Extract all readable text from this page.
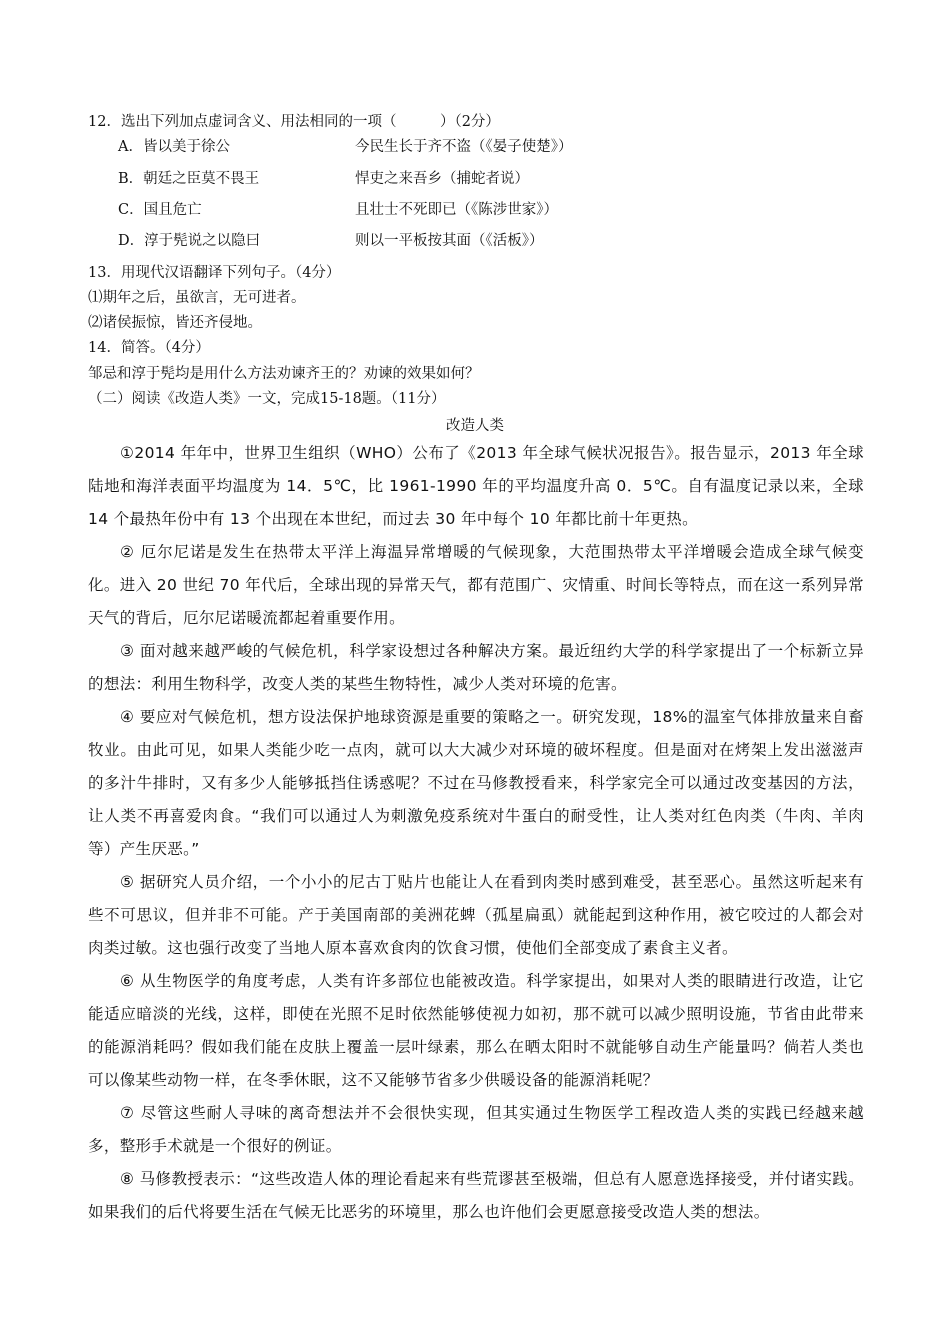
12．选出下列加点虚词含义、用法相同的一项（　　　）（2分）
A．皆以美于徐公	今民生长于齐不盗（《晏子使楚》）
B．朝廷之臣莫不畏王	悍吏之来吾乡（捕蛇者说）
C．国且危亡	且壮士不死即已（《陈涉世家》）
D．淳于髡说之以隐曰	则以一平板按其面（《活板》）
13．用现代汉语翻译下列句子。（4分）
⑴期年之后，虽欲言，无可进者。
⑵诸侯振惊，皆还齐侵地。
14．简答。（4分）
邹忌和淳于髡均是用什么方法劝谏齐王的？劝谏的效果如何？
（二）阅读《改造人类》一文，完成15-18题。（11分）
改造人类
①2014 年年中，世界卫生组织（WHO）公布了《2013 年全球气候状况报告》。报告显示，2013 年全球陆地和海洋表面平均温度为 14．5℃，比 1961-1990 年的平均温度升高 0．5℃。自有温度记录以来，全球 14 个最热年份中有 13 个出现在本世纪，而过去 30 年中每个 10 年都比前十年更热。
② 厄尔尼诺是发生在热带太平洋上海温异常增暖的气候现象，大范围热带太平洋增暖会造成全球气候变化。进入 20 世纪 70 年代后，全球出现的异常天气，都有范围广、灾情重、时间长等特点，而在这一系列异常天气的背后，厄尔尼诺暖流都起着重要作用。
③ 面对越来越严峻的气候危机，科学家设想过各种解决方案。最近纽约大学的科学家提出了一个标新立异的想法：利用生物科学，改变人类的某些生物特性，减少人类对环境的危害。
④ 要应对气候危机，想方设法保护地球资源是重要的策略之一。研究发现，18%的温室气体排放量来自畜牧业。由此可见，如果人类能少吃一点肉，就可以大大减少对环境的破坏程度。但是面对在烤架上发出滋滋声的多汁牛排时，又有多少人能够抵挡住诱惑呢？不过在马修教授看来，科学家完全可以通过改变基因的方法，让人类不再喜爱肉食。“我们可以通过人为刺激免疫系统对牛蛋白的耐受性，让人类对红色肉类（牛肉、羊肉等）产生厌恶。”
⑤ 据研究人员介绍，一个小小的尼古丁贴片也能让人在看到肉类时感到难受，甚至恶心。虽然这听起来有些不可思议，但并非不可能。产于美国南部的美洲花蜱（孤星扁虱）就能起到这种作用，被它咬过的人都会对肉类过敏。这也强行改变了当地人原本喜欢食肉的饮食习惯，使他们全部变成了素食主义者。
⑥ 从生物医学的角度考虑，人类有许多部位也能被改造。科学家提出，如果对人类的眼睛进行改造，让它能适应暗淡的光线，这样，即使在光照不足时依然能够使视力如初，那不就可以减少照明设施，节省由此带来的能源消耗吗？假如我们能在皮肤上覆盖一层叶绿素，那么在晒太阳时不就能够自动生产能量吗？倘若人类也可以像某些动物一样，在冬季休眠，这不又能够节省多少供暖设备的能源消耗呢？
⑦ 尽管这些耐人寻味的离奇想法并不会很快实现，但其实通过生物医学工程改造人类的实践已经越来越多，整形手术就是一个很好的例证。
⑧ 马修教授表示：“这些改造人体的理论看起来有些荒谬甚至极端，但总有人愿意选择接受，并付诸实践。如果我们的后代将要生活在气候无比恶劣的环境里，那么也许他们会更愿意接受改造人类的想法。
